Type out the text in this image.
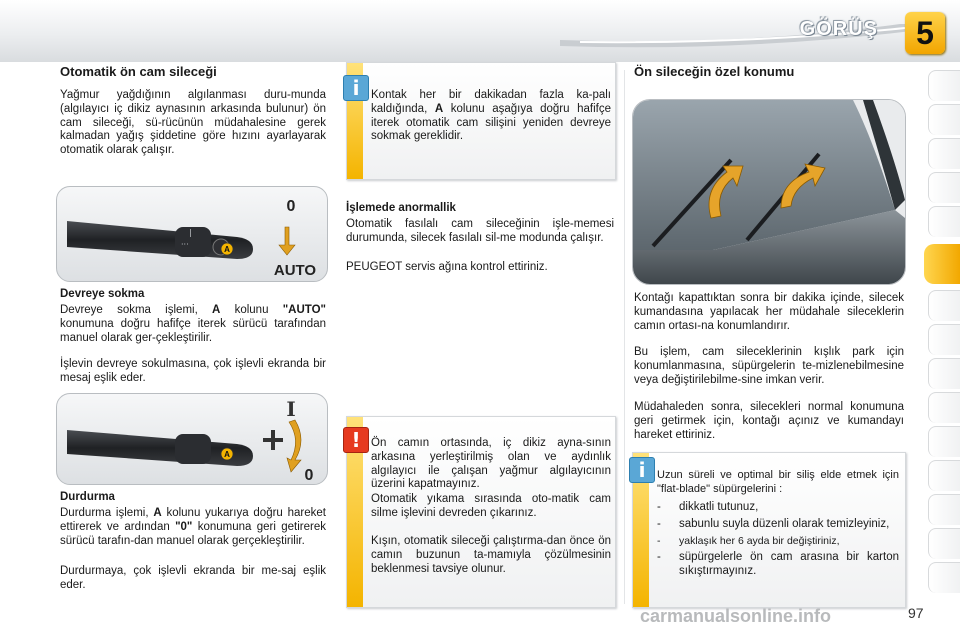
GÖRÜŞ 5
Otomatik ön cam sileceği

Yağmur yağdığının algılanması duru-munda (algılayıcı iç dikiz aynasının arkasında bulunur) ön cam sileceği, sü-rücünün müdahalesine gerek kalmadan yağış şiddetine göre hızını ayarlayarak otomatik olarak çalışır.

|
···
A
0
AUTO
Devreye sokma

Devreye sokma işlemi, A kolunu "AUTO" konumuna doğru hafifçe iterek sürücü tarafından manuel olarak ger-çekleştirilir.

İşlevin devreye sokulmasına, çok işlevli ekranda bir mesaj eşlik eder.

A
I
0
Durdurma

Durdurma işlemi, A kolunu yukarıya doğru hareket ettirerek ve ardından "0" konumuna geri getirerek sürücü tarafın-dan manuel olarak gerçekleştirilir.

Durdurmaya, çok işlevli ekranda bir me-saj eşlik eder.

i	Kontak her bir dakikadan fazla ka-palı kaldığında, A kolunu aşağıya doğru hafifçe iterek otomatik cam silişini yeniden devreye sokmak gereklidir.

İşlemede anormallik

Otomatik fasılalı cam sileceğinin işle-memesi durumunda, silecek fasılalı sil-me modunda çalışır.

PEUGEOT servis ağına kontrol ettiriniz.

! Ön camın ortasında, iç dikiz ayna-sının arkasına yerleştirilmiş olan ve aydınlık algılayıcı ile çalışan yağmur algılayıcının üzerini kapatmayınız.

Otomatik yıkama sırasında oto-matik cam silme işlevini devreden çıkarınız.

Kışın, otomatik sileceği çalıştırma-dan önce ön camın buzunun ta-mamıyla çözülmesinin beklenmesi tavsiye olunur.

Ön sileceğin özel konumu

Kontağı kapattıktan sonra bir dakika içinde, silecek kumandasına yapılacak her müdahale sileceklerin camın ortası-na konumlandırır.

Bu işlem, cam sileceklerinin kışlık park için konumlanmasına, süpürgelerin te-mizlenebilmesine veya değiştirilebilme-sine imkan verir.

Müdahaleden sonra, silecekleri normal konumuna geri getirmek için, kontağı açınız ve kumandayı hareket ettiriniz.

i	Uzun süreli ve optimal bir siliş elde etmek için "flat-blade" süpürgelerini :

-	dikkatli tutunuz,
-	sabunlu suyla düzenli olarak temizleyiniz,
-	yaklaşık her 6 ayda bir değiştiriniz,
-	süpürgelerle ön cam arasına bir karton sıkıştırmayınız.
carmanualsonline.info	97
